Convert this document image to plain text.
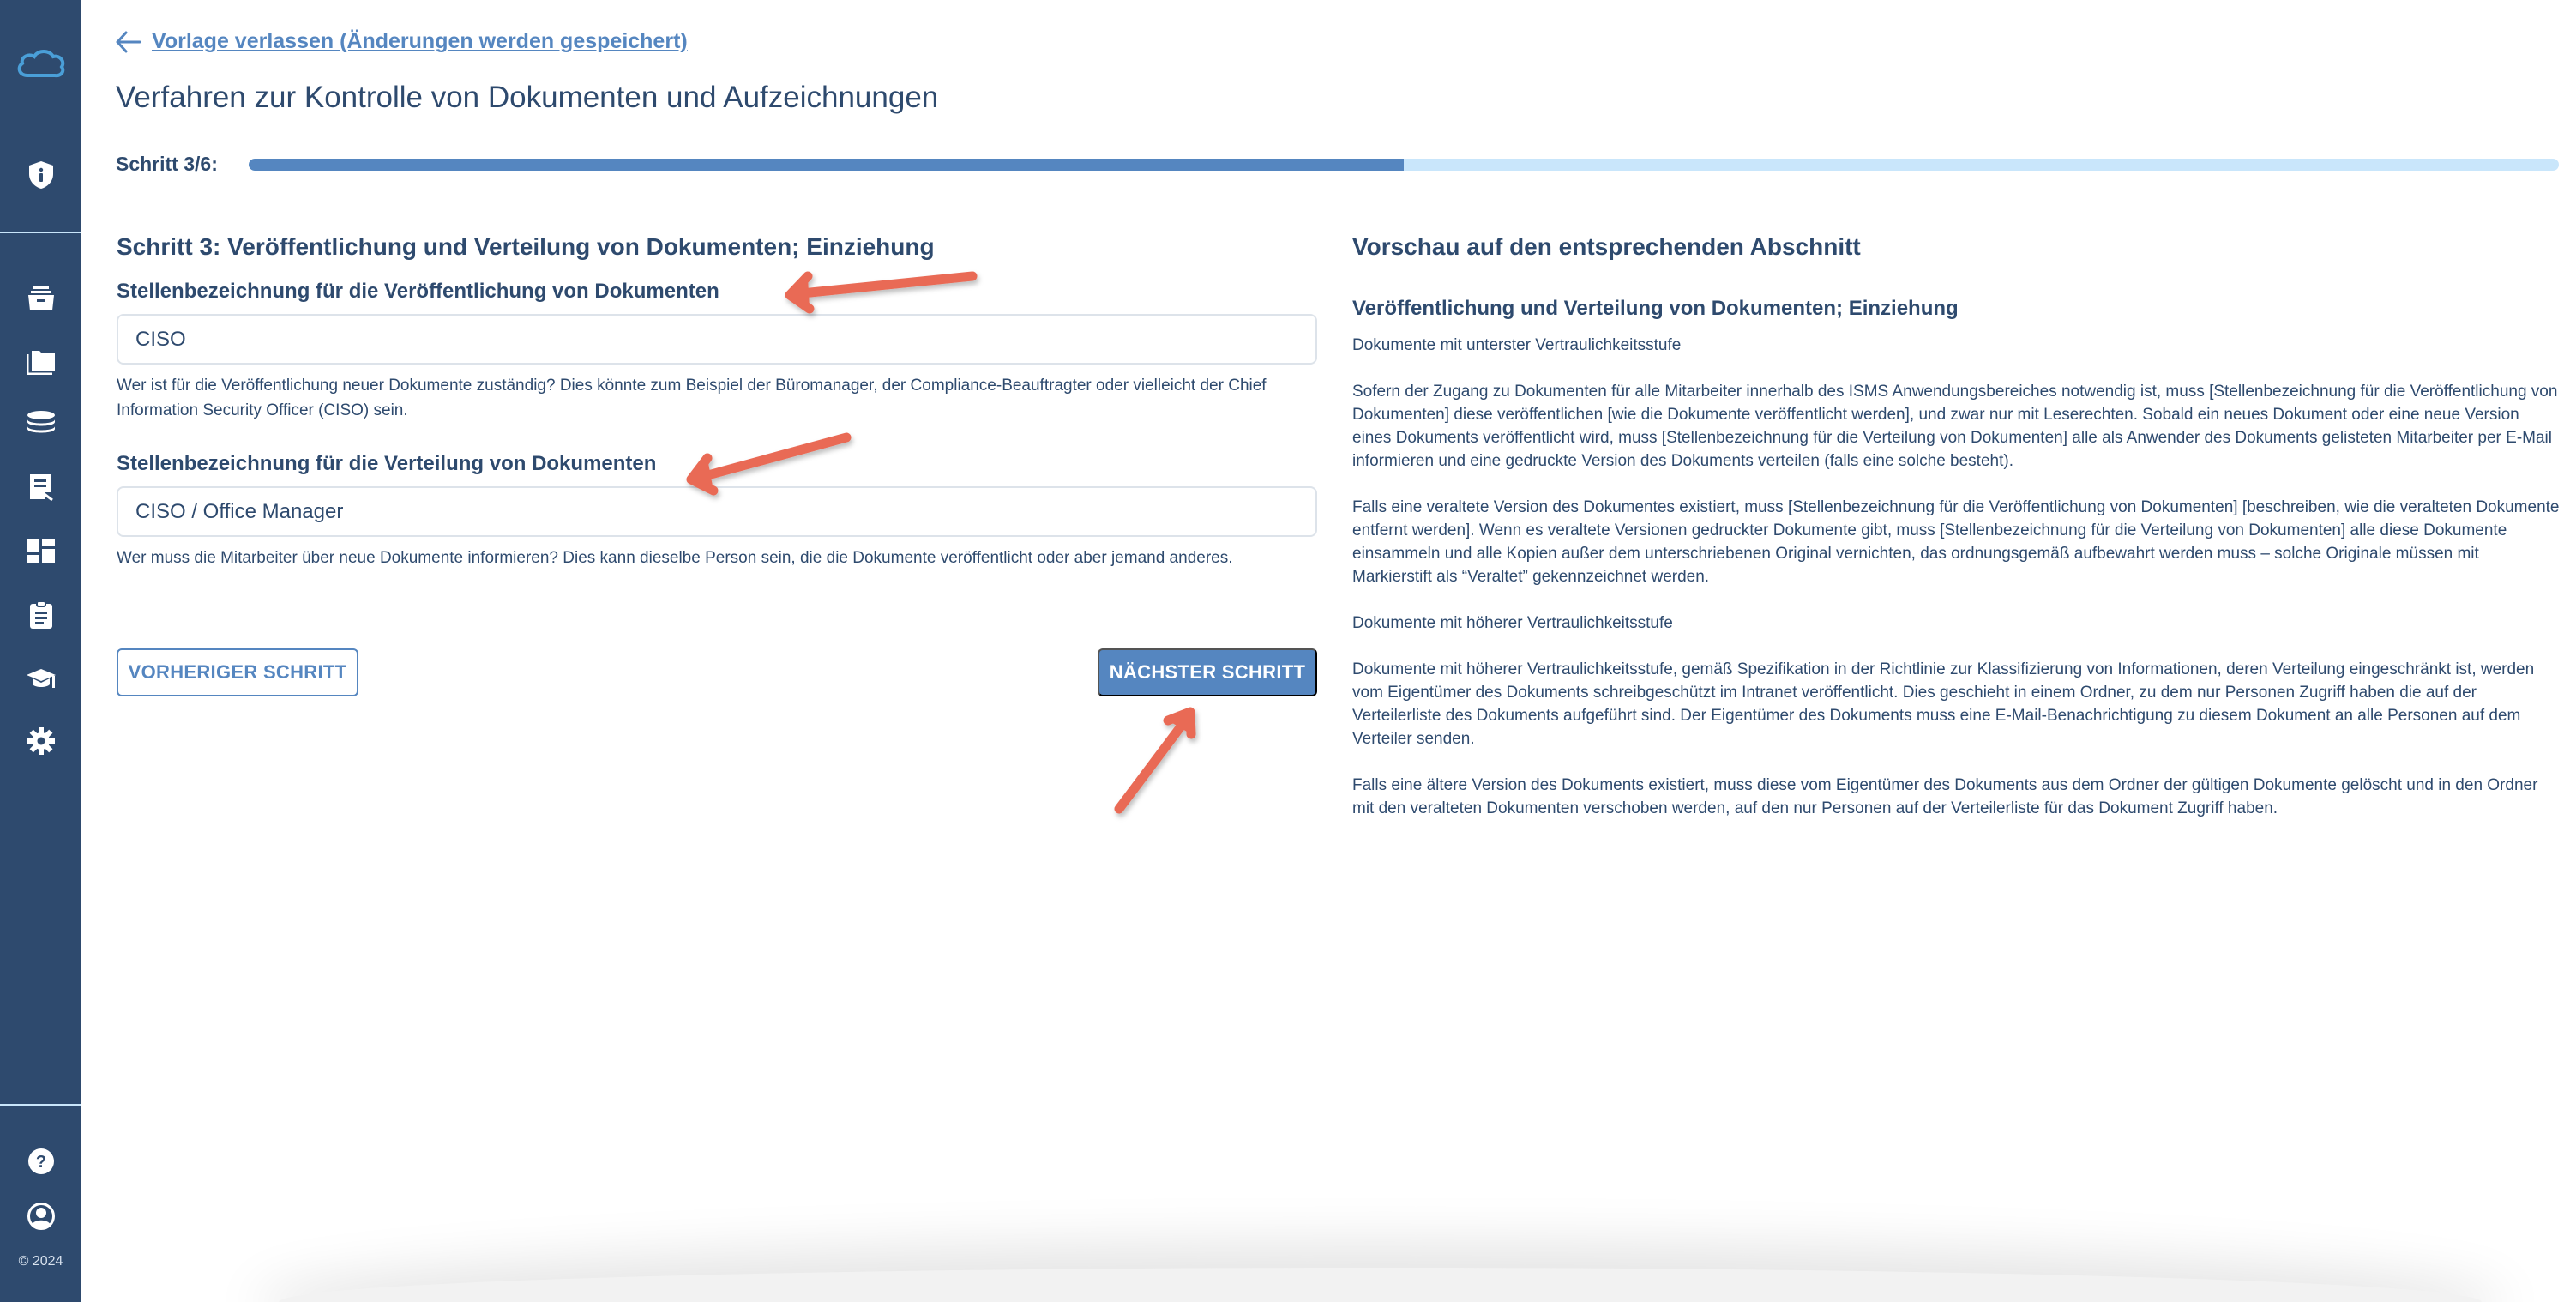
?
© 2024
Vorlage verlassen (Änderungen werden gespeichert)
Verfahren zur Kontrolle von Dokumenten und Aufzeichnungen
Schritt 3/6:
Schritt 3: Veröffentlichung und Verteilung von Dokumenten; Einziehung
Stellenbezeichnung für die Veröffentlichung von Dokumenten
CISO

Wer ist für die Veröffentlichung neuer Dokumente zuständig? Dies könnte zum Beispiel der Büromanager, der Compliance-Beauftragter oder vielleicht der Chief Information Security Officer (CISO) sein.

Stellenbezeichnung für die Verteilung von Dokumenten
CISO / Office Manager

Wer muss die Mitarbeiter über neue Dokumente informieren? Dies kann dieselbe Person sein, die die Dokumente veröffentlicht oder aber jemand anderes.

VORHERIGER SCHRITT	NÄCHSTER SCHRITT
Vorschau auf den entsprechenden Abschnitt
Veröffentlichung und Verteilung von Dokumenten; Einziehung

Dokumente mit unterster Vertraulichkeitsstufe

Sofern der Zugang zu Dokumenten für alle Mitarbeiter innerhalb des ISMS Anwendungsbereiches notwendig ist, muss [Stellenbezeichnung für die Veröffentlichung von Dokumenten] diese veröffentlichen [wie die Dokumente veröffentlicht werden], und zwar nur mit Leserechten. Sobald ein neues Dokument oder eine neue Version eines Dokuments veröffentlicht wird, muss [Stellenbezeichnung für die Verteilung von Dokumenten] alle als Anwender des Dokuments gelisteten Mitarbeiter per E-Mail informieren und eine gedruckte Version des Dokuments verteilen (falls eine solche besteht).

Falls eine veraltete Version des Dokumentes existiert, muss [Stellenbezeichnung für die Veröffentlichung von Dokumenten] [beschreiben, wie die veralteten Dokumente entfernt werden]. Wenn es veraltete Versionen gedruckter Dokumente gibt, muss [Stellenbezeichnung für die Verteilung von Dokumenten] alle diese Dokumente einsammeln und alle Kopien außer dem unterschriebenen Original vernichten, das ordnungsgemäß aufbewahrt werden muss – solche Originale müssen mit Markierstift als “Veraltet” gekennzeichnet werden.

Dokumente mit höherer Vertraulichkeitsstufe

Dokumente mit höherer Vertraulichkeitsstufe, gemäß Spezifikation in der Richtlinie zur Klassifizierung von Informationen, deren Verteilung eingeschränkt ist, werden vom Eigentümer des Dokuments schreibgeschützt im Intranet veröffentlicht. Dies geschieht in einem Ordner, zu dem nur Personen Zugriff haben die auf der Verteilerliste des Dokuments aufgeführt sind. Der Eigentümer des Dokuments muss eine E-Mail-Benachrichtigung zu diesem Dokument an alle Personen auf dem Verteiler senden.

Falls eine ältere Version des Dokuments existiert, muss diese vom Eigentümer des Dokuments aus dem Ordner der gültigen Dokumente gelöscht und in den Ordner mit den veralteten Dokumenten verschoben werden, auf den nur Personen auf der Verteilerliste für das Dokument Zugriff haben.
